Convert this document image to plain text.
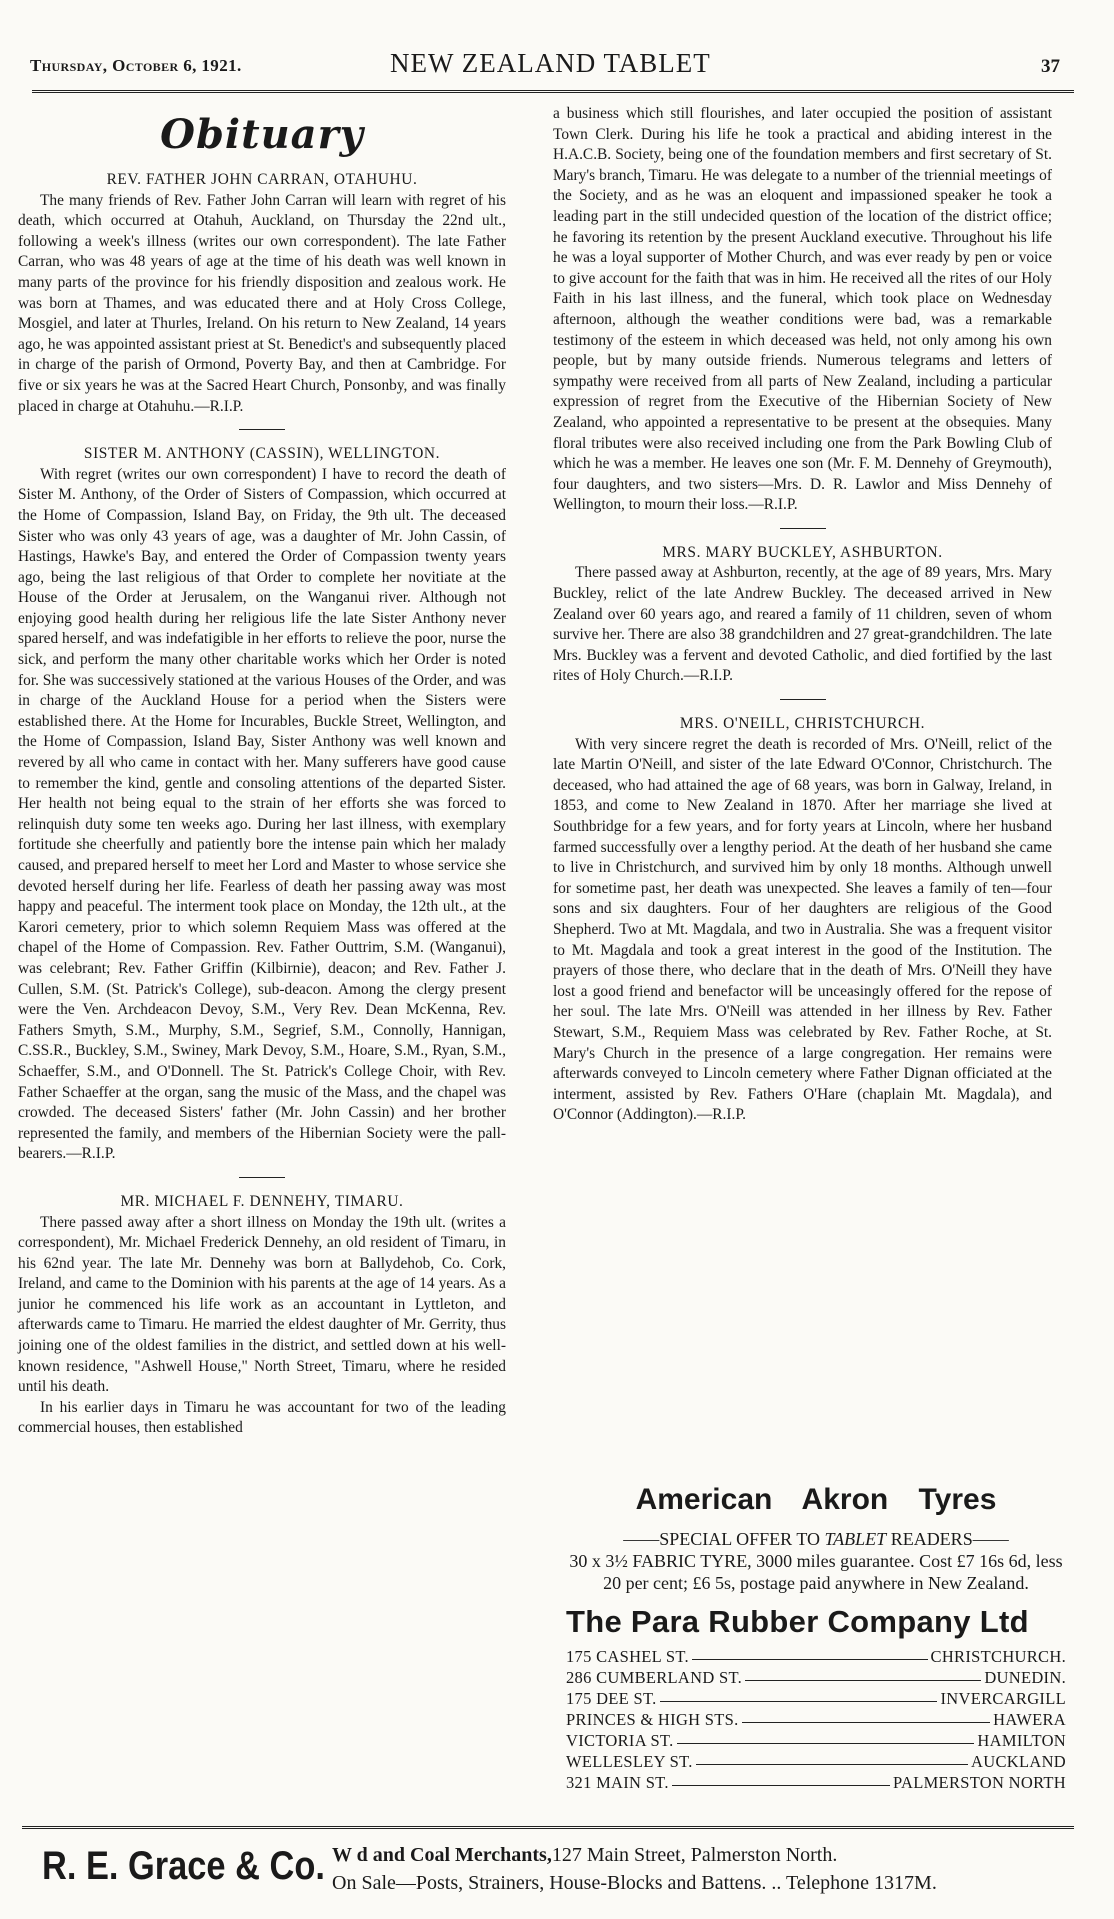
Thursday, October 6, 1921.	NEW ZEALAND TABLET	37
Obituary
REV. FATHER JOHN CARRAN, OTAHUHU.

The many friends of Rev. Father John Carran will learn with regret of his death, which occurred at Otahuh, Auckland, on Thursday the 22nd ult., following a week's illness (writes our own correspondent). The late Father Carran, who was 48 years of age at the time of his death was well known in many parts of the province for his friendly disposition and zealous work. He was born at Thames, and was educated there and at Holy Cross College, Mosgiel, and later at Thurles, Ireland. On his return to New Zealand, 14 years ago, he was appointed assistant priest at St. Benedict's and subsequently placed in charge of the parish of Ormond, Poverty Bay, and then at Cambridge. For five or six years he was at the Sacred Heart Church, Ponsonby, and was finally placed in charge at Otahuhu.—R.I.P.

SISTER M. ANTHONY (CASSIN), WELLINGTON.

With regret (writes our own correspondent) I have to record the death of Sister M. Anthony, of the Order of Sisters of Compassion, which occurred at the Home of Compassion, Island Bay, on Friday, the 9th ult. The deceased Sister who was only 43 years of age, was a daughter of Mr. John Cassin, of Hastings, Hawke's Bay, and entered the Order of Compassion twenty years ago, being the last religious of that Order to complete her novitiate at the House of the Order at Jerusalem, on the Wanganui river. Although not enjoying good health during her religious life the late Sister Anthony never spared herself, and was indefatigible in her efforts to relieve the poor, nurse the sick, and perform the many other charitable works which her Order is noted for. She was successively stationed at the various Houses of the Order, and was in charge of the Auckland House for a period when the Sisters were established there. At the Home for Incurables, Buckle Street, Wellington, and the Home of Compassion, Island Bay, Sister Anthony was well known and revered by all who came in contact with her. Many sufferers have good cause to remember the kind, gentle and consoling attentions of the departed Sister. Her health not being equal to the strain of her efforts she was forced to relinquish duty some ten weeks ago. During her last illness, with exemplary fortitude she cheerfully and patiently bore the intense pain which her malady caused, and prepared herself to meet her Lord and Master to whose service she devoted herself during her life. Fearless of death her passing away was most happy and peaceful. The interment took place on Monday, the 12th ult., at the Karori cemetery, prior to which solemn Requiem Mass was offered at the chapel of the Home of Compassion. Rev. Father Outtrim, S.M. (Wanganui), was celebrant; Rev. Father Griffin (Kilbirnie), deacon; and Rev. Father J. Cullen, S.M. (St. Patrick's College), sub-deacon. Among the clergy present were the Ven. Archdeacon Devoy, S.M., Very Rev. Dean McKenna, Rev. Fathers Smyth, S.M., Murphy, S.M., Segrief, S.M., Connolly, Hannigan, C.SS.R., Buckley, S.M., Swiney, Mark Devoy, S.M., Hoare, S.M., Ryan, S.M., Schaeffer, S.M., and O'Donnell. The St. Patrick's College Choir, with Rev. Father Schaeffer at the organ, sang the music of the Mass, and the chapel was crowded. The deceased Sisters' father (Mr. John Cassin) and her brother represented the family, and members of the Hibernian Society were the pall-bearers.—R.I.P.

MR. MICHAEL F. DENNEHY, TIMARU.

There passed away after a short illness on Monday the 19th ult. (writes a correspondent), Mr. Michael Frederick Dennehy, an old resident of Timaru, in his 62nd year. The late Mr. Dennehy was born at Ballydehob, Co. Cork, Ireland, and came to the Dominion with his parents at the age of 14 years. As a junior he commenced his life work as an accountant in Lyttleton, and afterwards came to Timaru. He married the eldest daughter of Mr. Gerrity, thus joining one of the oldest families in the district, and settled down at his well-known residence, "Ashwell House," North Street, Timaru, where he resided until his death.

In his earlier days in Timaru he was accountant for two of the leading commercial houses, then established

a business which still flourishes, and later occupied the position of assistant Town Clerk. During his life he took a practical and abiding interest in the H.A.C.B. Society, being one of the foundation members and first secretary of St. Mary's branch, Timaru. He was delegate to a number of the triennial meetings of the Society, and as he was an eloquent and impassioned speaker he took a leading part in the still undecided question of the location of the district office; he favoring its retention by the present Auckland executive. Throughout his life he was a loyal supporter of Mother Church, and was ever ready by pen or voice to give account for the faith that was in him. He received all the rites of our Holy Faith in his last illness, and the funeral, which took place on Wednesday afternoon, although the weather conditions were bad, was a remarkable testimony of the esteem in which deceased was held, not only among his own people, but by many outside friends. Numerous telegrams and letters of sympathy were received from all parts of New Zealand, including a particular expression of regret from the Executive of the Hibernian Society of New Zealand, who appointed a representative to be present at the obsequies. Many floral tributes were also received including one from the Park Bowling Club of which he was a member. He leaves one son (Mr. F. M. Dennehy of Greymouth), four daughters, and two sisters—Mrs. D. R. Lawlor and Miss Dennehy of Wellington, to mourn their loss.—R.I.P.

MRS. MARY BUCKLEY, ASHBURTON.

There passed away at Ashburton, recently, at the age of 89 years, Mrs. Mary Buckley, relict of the late Andrew Buckley. The deceased arrived in New Zealand over 60 years ago, and reared a family of 11 children, seven of whom survive her. There are also 38 grandchildren and 27 great-grandchildren. The late Mrs. Buckley was a fervent and devoted Catholic, and died fortified by the last rites of Holy Church.—R.I.P.

MRS. O'NEILL, CHRISTCHURCH.

With very sincere regret the death is recorded of Mrs. O'Neill, relict of the late Martin O'Neill, and sister of the late Edward O'Connor, Christchurch. The deceased, who had attained the age of 68 years, was born in Galway, Ireland, in 1853, and come to New Zealand in 1870. After her marriage she lived at Southbridge for a few years, and for forty years at Lincoln, where her husband farmed successfully over a lengthy period. At the death of her husband she came to live in Christchurch, and survived him by only 18 months. Although unwell for sometime past, her death was unexpected. She leaves a family of ten—four sons and six daughters. Four of her daughters are religious of the Good Shepherd. Two at Mt. Magdala, and two in Australia. She was a frequent visitor to Mt. Magdala and took a great interest in the good of the Institution. The prayers of those there, who declare that in the death of Mrs. O'Neill they have lost a good friend and benefactor will be unceasingly offered for the repose of her soul. The late Mrs. O'Neill was attended in her illness by Rev. Father Stewart, S.M., Requiem Mass was celebrated by Rev. Father Roche, at St. Mary's Church in the presence of a large congregation. Her remains were afterwards conveyed to Lincoln cemetery where Father Dignan officiated at the interment, assisted by Rev. Fathers O'Hare (chaplain Mt. Magdala), and O'Connor (Addington).—R.I.P.

American Akron Tyres
——SPECIAL OFFER TO TABLET READERS——
30 x 3½ FABRIC TYRE, 3000 miles guarantee. Cost £7 16s 6d, less 20 per cent; £6 5s, postage paid anywhere in New Zealand.
The Para Rubber Company Ltd
175 CASHEL ST.	CHRISTCHURCH.
286 CUMBERLAND ST.	DUNEDIN.
175 DEE ST.	INVERCARGILL
PRINCES & HIGH STS.	HAWERA
VICTORIA ST.	HAMILTON
WELLESLEY ST.	AUCKLAND
321 MAIN ST.	PALMERSTON NORTH
R. E. Grace & Co. W d and Coal Merchants,127 Main Street, Palmerston North.
On Sale—Posts, Strainers, House-Blocks and Battens. .. Telephone 1317M.
